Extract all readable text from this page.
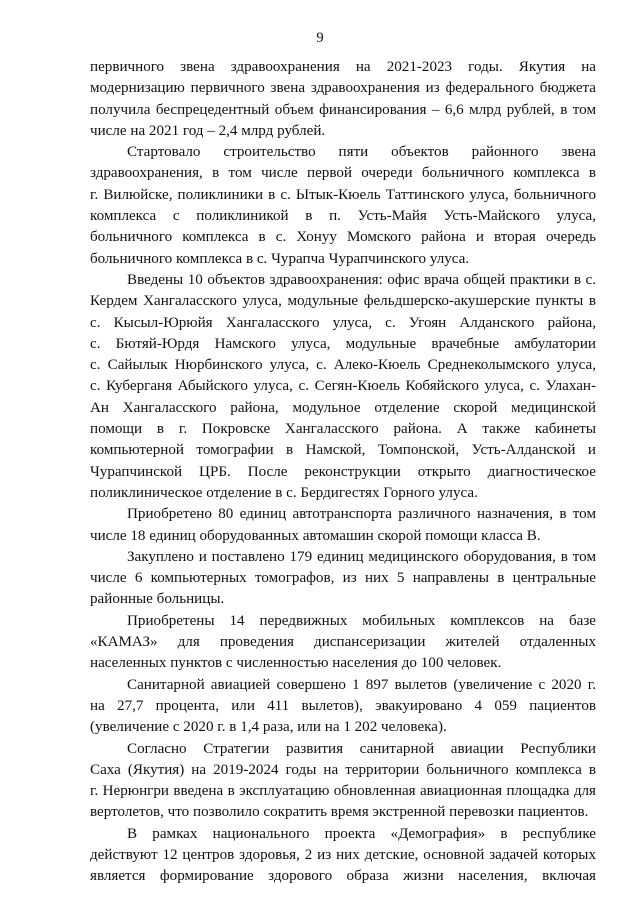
9

первичного звена здравоохранения на 2021-2023 годы. Якутия на
модернизацию первичного звена здравоохранения из федерального бюджета
получила беспрецедентный объем финансирования – 6,6 млрд рублей, в том
числе на 2021 год – 2,4 млрд рублей.

Стартовало строительство пяти объектов районного звена
здравоохранения, в том числе первой очереди больничного комплекса в
г. Вилюйске, поликлиники в с. Ытык-Кюель Таттинского улуса, больничного
комплекса с поликлиникой в п. Усть-Майя Усть-Майского улуса,
больничного комплекса в с. Хонуу Момского района и вторая очередь
больничного комплекса в с. Чурапча Чурапчинского улуса.

Введены 10 объектов здравоохранения: офис врача общей практики в с.
Кердем Хангаласского улуса, модульные фельдшерско-акушерские пункты в
с. Кысыл-Юрюйя Хангаласского улуса, с. Угоян Алданского района,
с. Бютяй-Юрдя Намского улуса, модульные врачебные амбулатории
с. Сайылык Нюрбинского улуса, с. Алеко-Кюель Среднеколымского улуса,
с. Куберганя Абыйского улуса, с. Сегян-Кюель Кобяйского улуса, с. Улахан-
Ан Хангаласского района, модульное отделение скорой медицинской
помощи в г. Покровске Хангаласского района. А также кабинеты
компьютерной томографии в Намской, Томпонской, Усть-Алданской и
Чурапчинской ЦРБ. После реконструкции открыто диагностическое
поликлиническое отделение в с. Бердигестях Горного улуса.

Приобретено 80 единиц автотранспорта различного назначения, в том
числе 18 единиц оборудованных автомашин скорой помощи класса В.

Закуплено и поставлено 179 единиц медицинского оборудования, в том
числе 6 компьютерных томографов, из них 5 направлены в центральные
районные больницы.

Приобретены 14 передвижных мобильных комплексов на базе
«КАМАЗ» для проведения диспансеризации жителей отдаленных
населенных пунктов с численностью населения до 100 человек.

Санитарной авиацией совершено 1 897 вылетов (увеличение с 2020 г.
на 27,7 процента, или 411 вылетов), эвакуировано 4 059 пациентов
(увеличение с 2020 г. в 1,4 раза, или на 1 202 человека).

Согласно Стратегии развития санитарной авиации Республики
Саха (Якутия) на 2019-2024 годы на территории больничного комплекса в
г. Нерюнгри введена в эксплуатацию обновленная авиационная площадка для
вертолетов, что позволило сократить время экстренной перевозки пациентов.

В рамках национального проекта «Демография» в республике
действуют 12 центров здоровья, 2 из них детские, основной задачей которых
является формирование здорового образа жизни населения, включая
